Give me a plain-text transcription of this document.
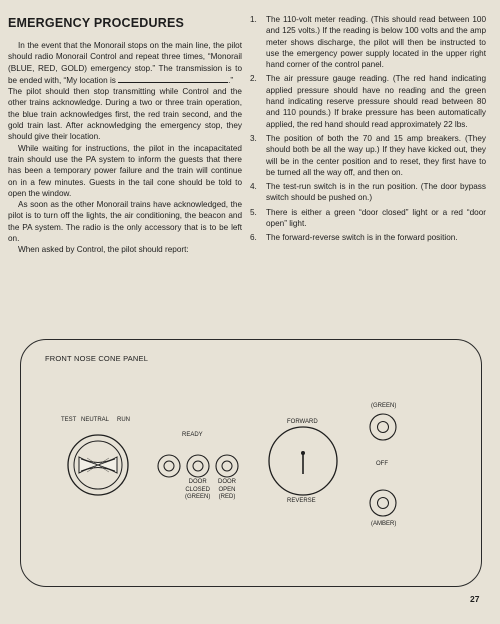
EMERGENCY PROCEDURES

In the event that the Monorail stops on the main line, the pilot should radio Monorail Control and repeat three times, “Monorail (BLUE, RED, GOLD) emergency stop.” The transmission is to be ended with, “My location is	.”

The pilot should then stop transmitting while Control and the other trains acknowledge. During a two or three train operation, the blue train acknowledges first, the red train second, and the gold train last. After acknowledging the emergency stop, they should give their location.

While waiting for instructions, the pilot in the incapacitated train should use the PA system to inform the guests that there has been a temporary power failure and the train will continue on in a few minutes. Guests in the tail cone should be told to open the window.

As soon as the other Monorail trains have acknowledged, the pilot is to turn off the lights, the air conditioning, the beacon and the PA system. The radio is the only accessory that is to be left on.

When asked by Control, the pilot should report:

1. The 110-volt meter reading. (This should read between 100 and 125 volts.) If the reading is below 100 volts and the amp meter shows discharge, the pilot will then be instructed to use the emergency power supply located in the upper right hand corner of the control panel.
2. The air pressure gauge reading. (The red hand indicating applied pressure should have no reading and the green hand indicating reserve pressure should read between 80 and 110 pounds.) If brake pressure has been automatically applied, the red hand should read approximately 22 lbs.
3. The position of both the 70 and 15 amp breakers. (They should both be all the way up.) If they have kicked out, they will be in the center position and to reset, they first have to be turned all the way off, and then on.
4. The test-run switch is in the run position. (The door bypass switch should be pushed on.)
5. There is either a green “door closed” light or a red “door open” light.
6. The forward-reverse switch is in the forward position.
FRONT NOSE CONE PANEL
TEST NEUTRAL RUN
READY
DOOR
CLOSED
(GREEN)
DOOR
OPEN
(RED)
FORWARD
REVERSE
(GREEN)
OFF
(AMBER)
27
